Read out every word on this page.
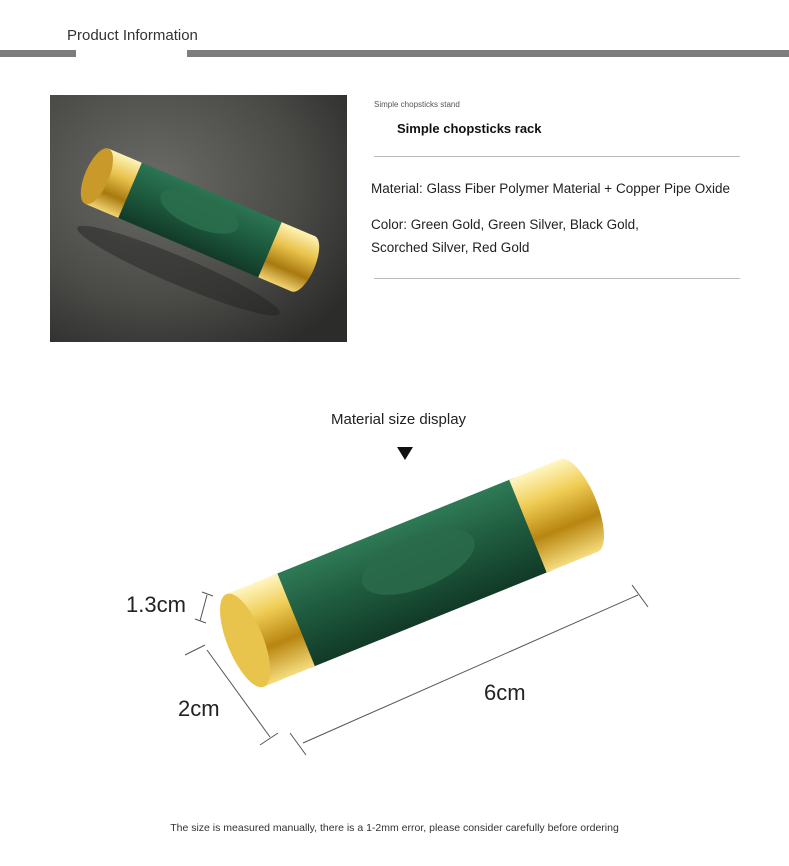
Product Information
Simple chopsticks stand
Simple chopsticks rack
Material: Glass Fiber Polymer Material + Copper Pipe Oxide
Color: Green Gold, Green Silver, Black Gold, Scorched Silver, Red Gold
Material size display
1.3cm
2cm
6cm
The size is measured manually, there is a 1-2mm error, please consider carefully before ordering
